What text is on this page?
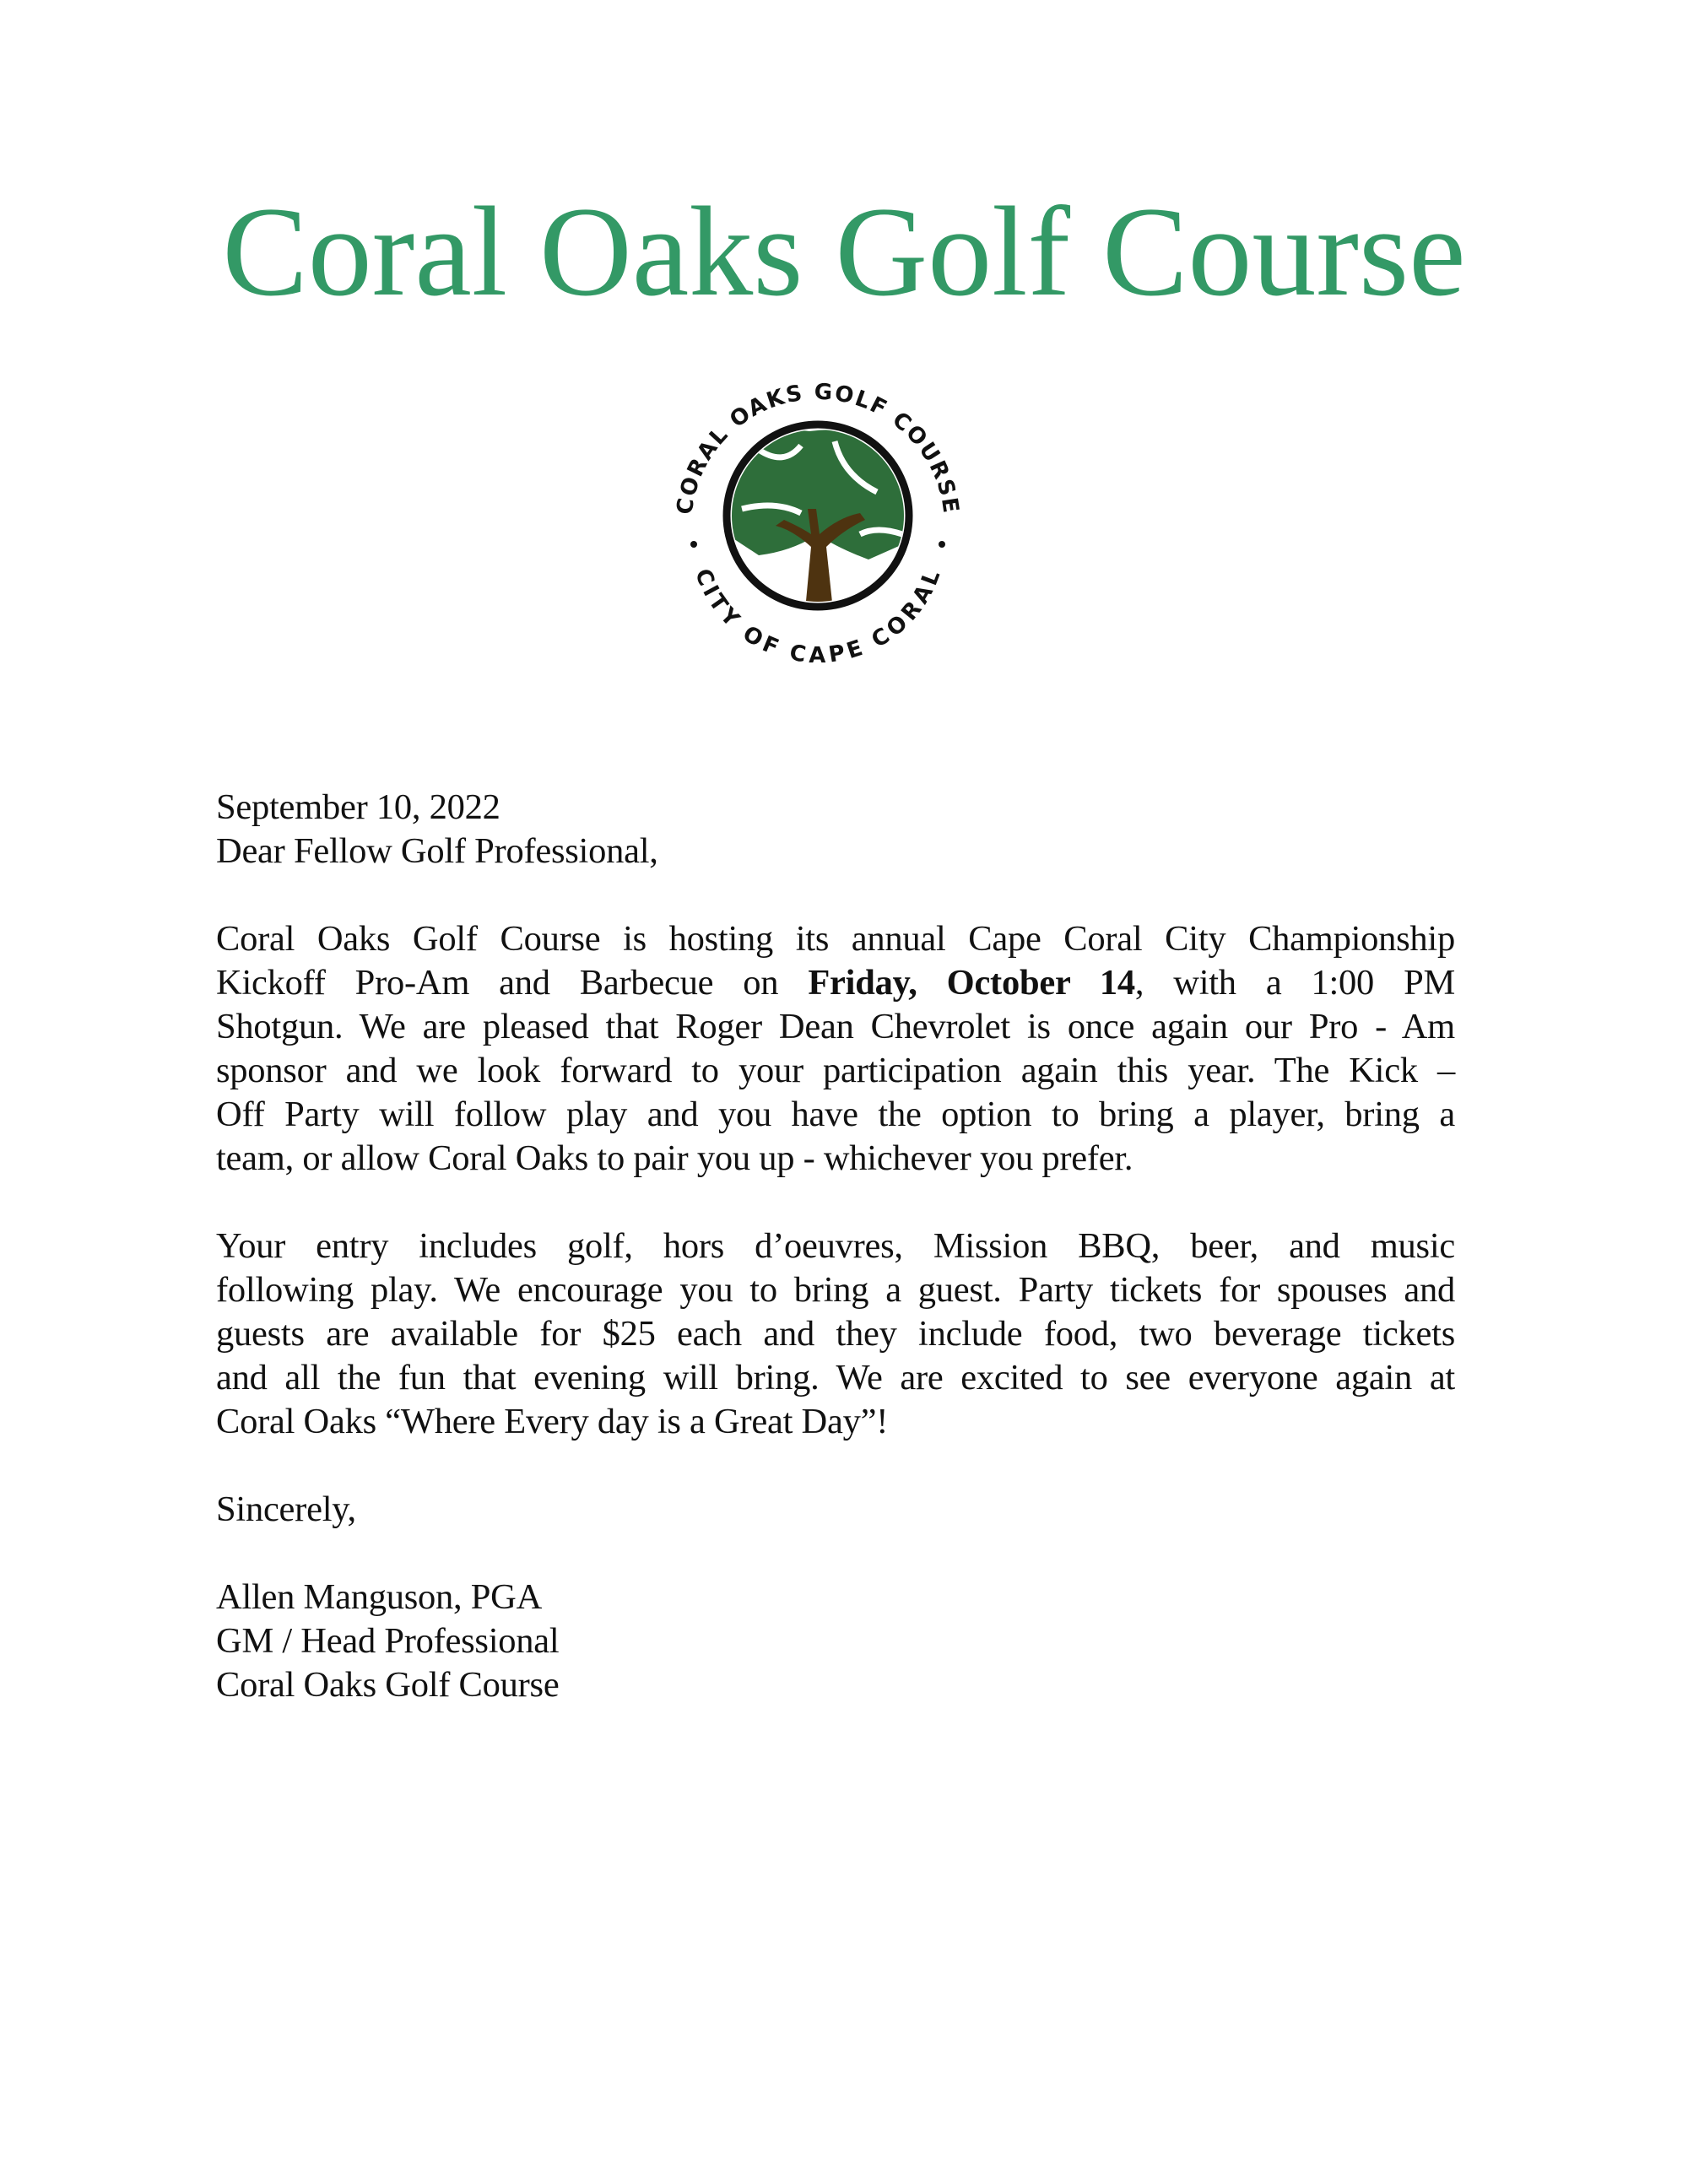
Coral Oaks Golf Course
CORAL OAKS GOLF COURSE
CITY OF CAPE CORAL
September 10, 2022
Dear Fellow Golf Professional,
Coral Oaks Golf Course is hosting its annual Cape Coral City Championship
Kickoff Pro-Am and Barbecue on Friday, October 14, with a 1:00 PM
Shotgun. We are pleased that Roger Dean Chevrolet is once again our Pro - Am
sponsor and we look forward to your participation again this year. The Kick –
Off Party will follow play and you have the option to bring a player, bring a
team, or allow Coral Oaks to pair you up - whichever you prefer.
Your entry includes golf, hors d’oeuvres, Mission BBQ, beer, and music
following play. We encourage you to bring a guest. Party tickets for spouses and
guests are available for $25 each and they include food, two beverage tickets
and all the fun that evening will bring. We are excited to see everyone again at
Coral Oaks “Where Every day is a Great Day”!
Sincerely,
Allen Manguson, PGA
GM / Head Professional
Coral Oaks Golf Course
